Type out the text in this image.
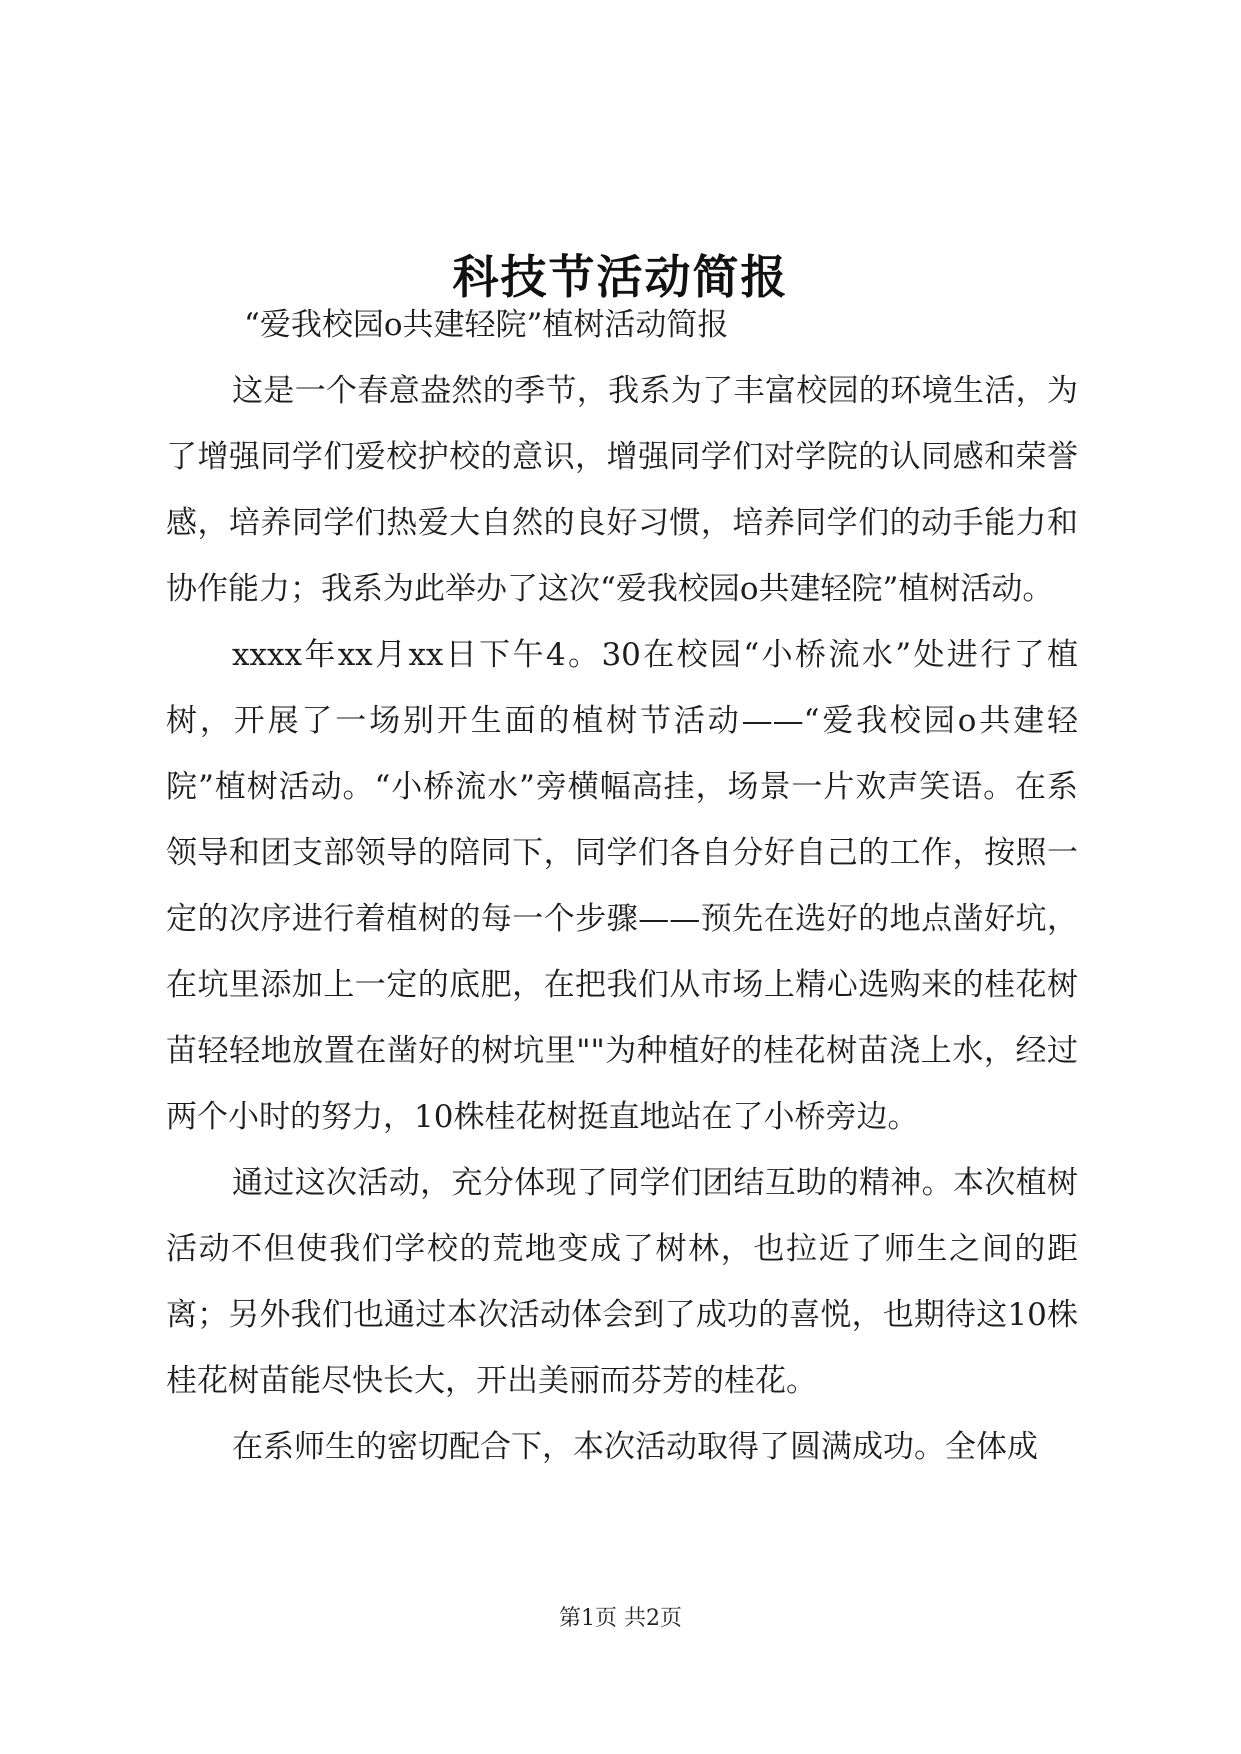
科技节活动简报

“爱我校园o共建轻院”植树活动简报

这是一个春意盎然的季节，我系为了丰富校园的环境生活，为了增强同学们爱校护校的意识，增强同学们对学院的认同感和荣誉感，培养同学们热爱大自然的良好习惯，培养同学们的动手能力和协作能力；我系为此举办了这次“爱我校园o共建轻院”植树活动。

xxxx年xx月xx日下午4。30在校园“小桥流水”处进行了植树，开展了一场别开生面的植树节活动——“爱我校园o共建轻院”植树活动。“小桥流水”旁横幅高挂，场景一片欢声笑语。在系领导和团支部领导的陪同下，同学们各自分好自己的工作，按照一定的次序进行着植树的每一个步骤——预先在选好的地点凿好坑，在坑里添加上一定的底肥，在把我们从市场上精心选购来的桂花树苗轻轻地放置在凿好的树坑里""为种植好的桂花树苗浇上水，经过两个小时的努力，10株桂花树挺直地站在了小桥旁边。

通过这次活动，充分体现了同学们团结互助的精神。本次植树活动不但使我们学校的荒地变成了树林，也拉近了师生之间的距离；另外我们也通过本次活动体会到了成功的喜悦，也期待这10株桂花树苗能尽快长大，开出美丽而芬芳的桂花。

在系师生的密切配合下，本次活动取得了圆满成功。全体成

第1页 共2页
